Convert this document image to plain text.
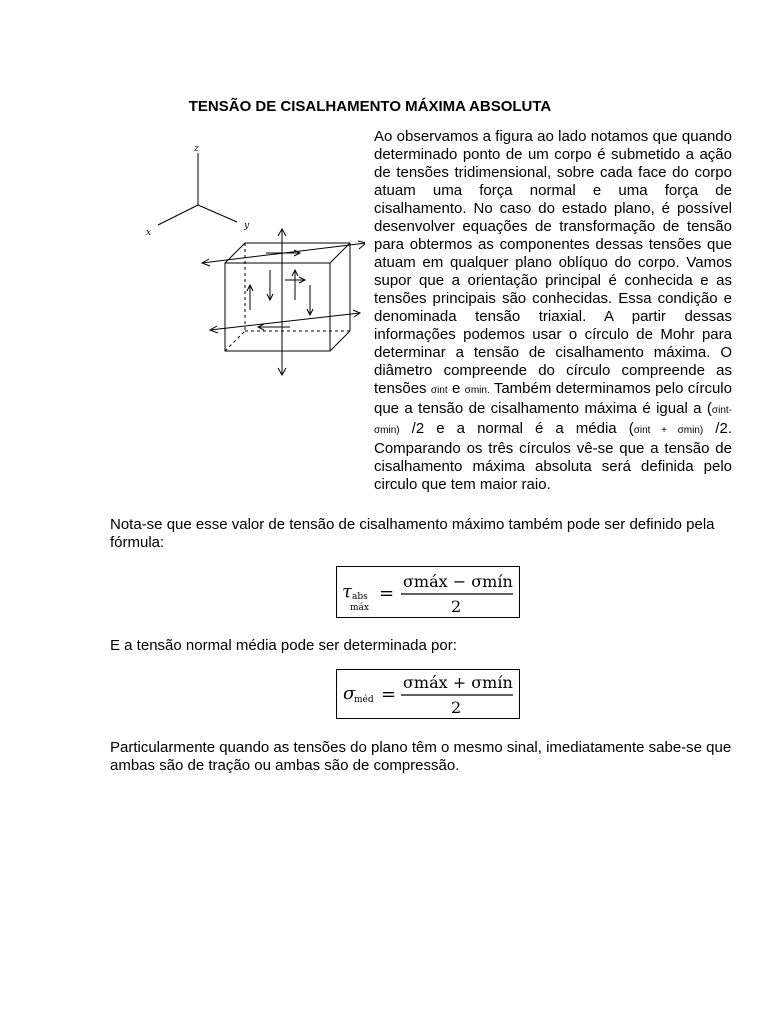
TENSÃO DE CISALHAMENTO MÁXIMA ABSOLUTA
z
y
x
Ao observamos a figura ao lado notamos que quando determinado ponto de um corpo é submetido a ação de tensões tridimensional, sobre cada face do corpo atuam uma força normal e uma força de cisalhamento. No caso do estado plano, é possível desenvolver equações de transformação de tensão para obtermos as componentes dessas tensões que atuam em qualquer plano oblíquo do corpo. Vamos supor que a orientação principal é conhecida e as tensões principais são conhecidas. Essa condição e denominada tensão triaxial. A partir dessas informações podemos usar o círculo de Mohr para determinar a tensão de cisalhamento máxima. O diâmetro compreende do círculo compreende as tensões σint e σmin. Também determinamos pelo círculo que a tensão de cisalhamento máxima é igual a (σint- σmin) /2 e a normal é a média (σint + σmin) /2. Comparando os três círculos vê-se que a tensão de cisalhamento máxima absoluta será definida pelo circulo que tem maior raio.
Nota-se que esse valor de tensão de cisalhamento máximo também pode ser definido pela fórmula:
τ abs
máx
=
σmáx − σmín
2
E a tensão normal média pode ser determinada por:
σ
méd =
σmáx + σmín
2
Particularmente quando as tensões do plano têm o mesmo sinal, imediatamente sabe-se que ambas são de tração ou ambas são de compressão.
